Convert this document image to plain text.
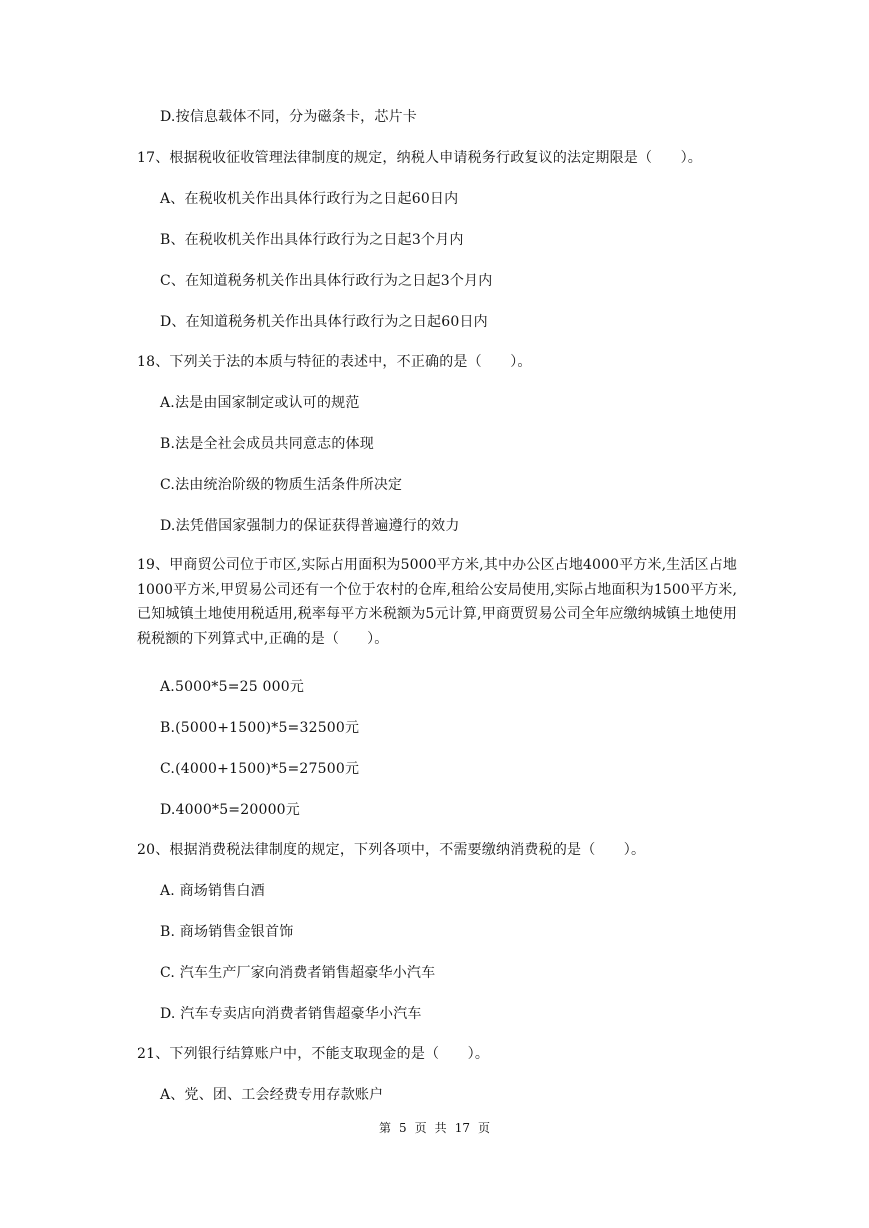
D.按信息载体不同，分为磁条卡，芯片卡
17、根据税收征收管理法律制度的规定，纳税人申请税务行政复议的法定期限是（　　）。
A、在税收机关作出具体行政行为之日起60日内
B、在税收机关作出具体行政行为之日起3个月内
C、在知道税务机关作出具体行政行为之日起3个月内
D、在知道税务机关作出具体行政行为之日起60日内
18、下列关于法的本质与特征的表述中，不正确的是（　　）。
A.法是由国家制定或认可的规范
B.法是全社会成员共同意志的体现
C.法由统治阶级的物质生活条件所决定
D.法凭借国家强制力的保证获得普遍遵行的效力
19、甲商贸公司位于市区,实际占用面积为5000平方米,其中办公区占地4000平方米,生活区占地1000平方米,甲贸易公司还有一个位于农村的仓库,租给公安局使用,实际占地面积为1500平方米,已知城镇土地使用税适用,税率每平方米税额为5元计算,甲商贾贸易公司全年应缴纳城镇土地使用税税额的下列算式中,正确的是（　　）。
A.5000*5=25 000元
B.(5000+1500)*5=32500元
C.(4000+1500)*5=27500元
D.4000*5=20000元
20、根据消费税法律制度的规定，下列各项中，不需要缴纳消费税的是（　　）。
A. 商场销售白酒
B. 商场销售金银首饰
C. 汽车生产厂家向消费者销售超豪华小汽车
D. 汽车专卖店向消费者销售超豪华小汽车
21、下列银行结算账户中，不能支取现金的是（　　）。
A、党、团、工会经费专用存款账户
第 5 页 共 17 页
